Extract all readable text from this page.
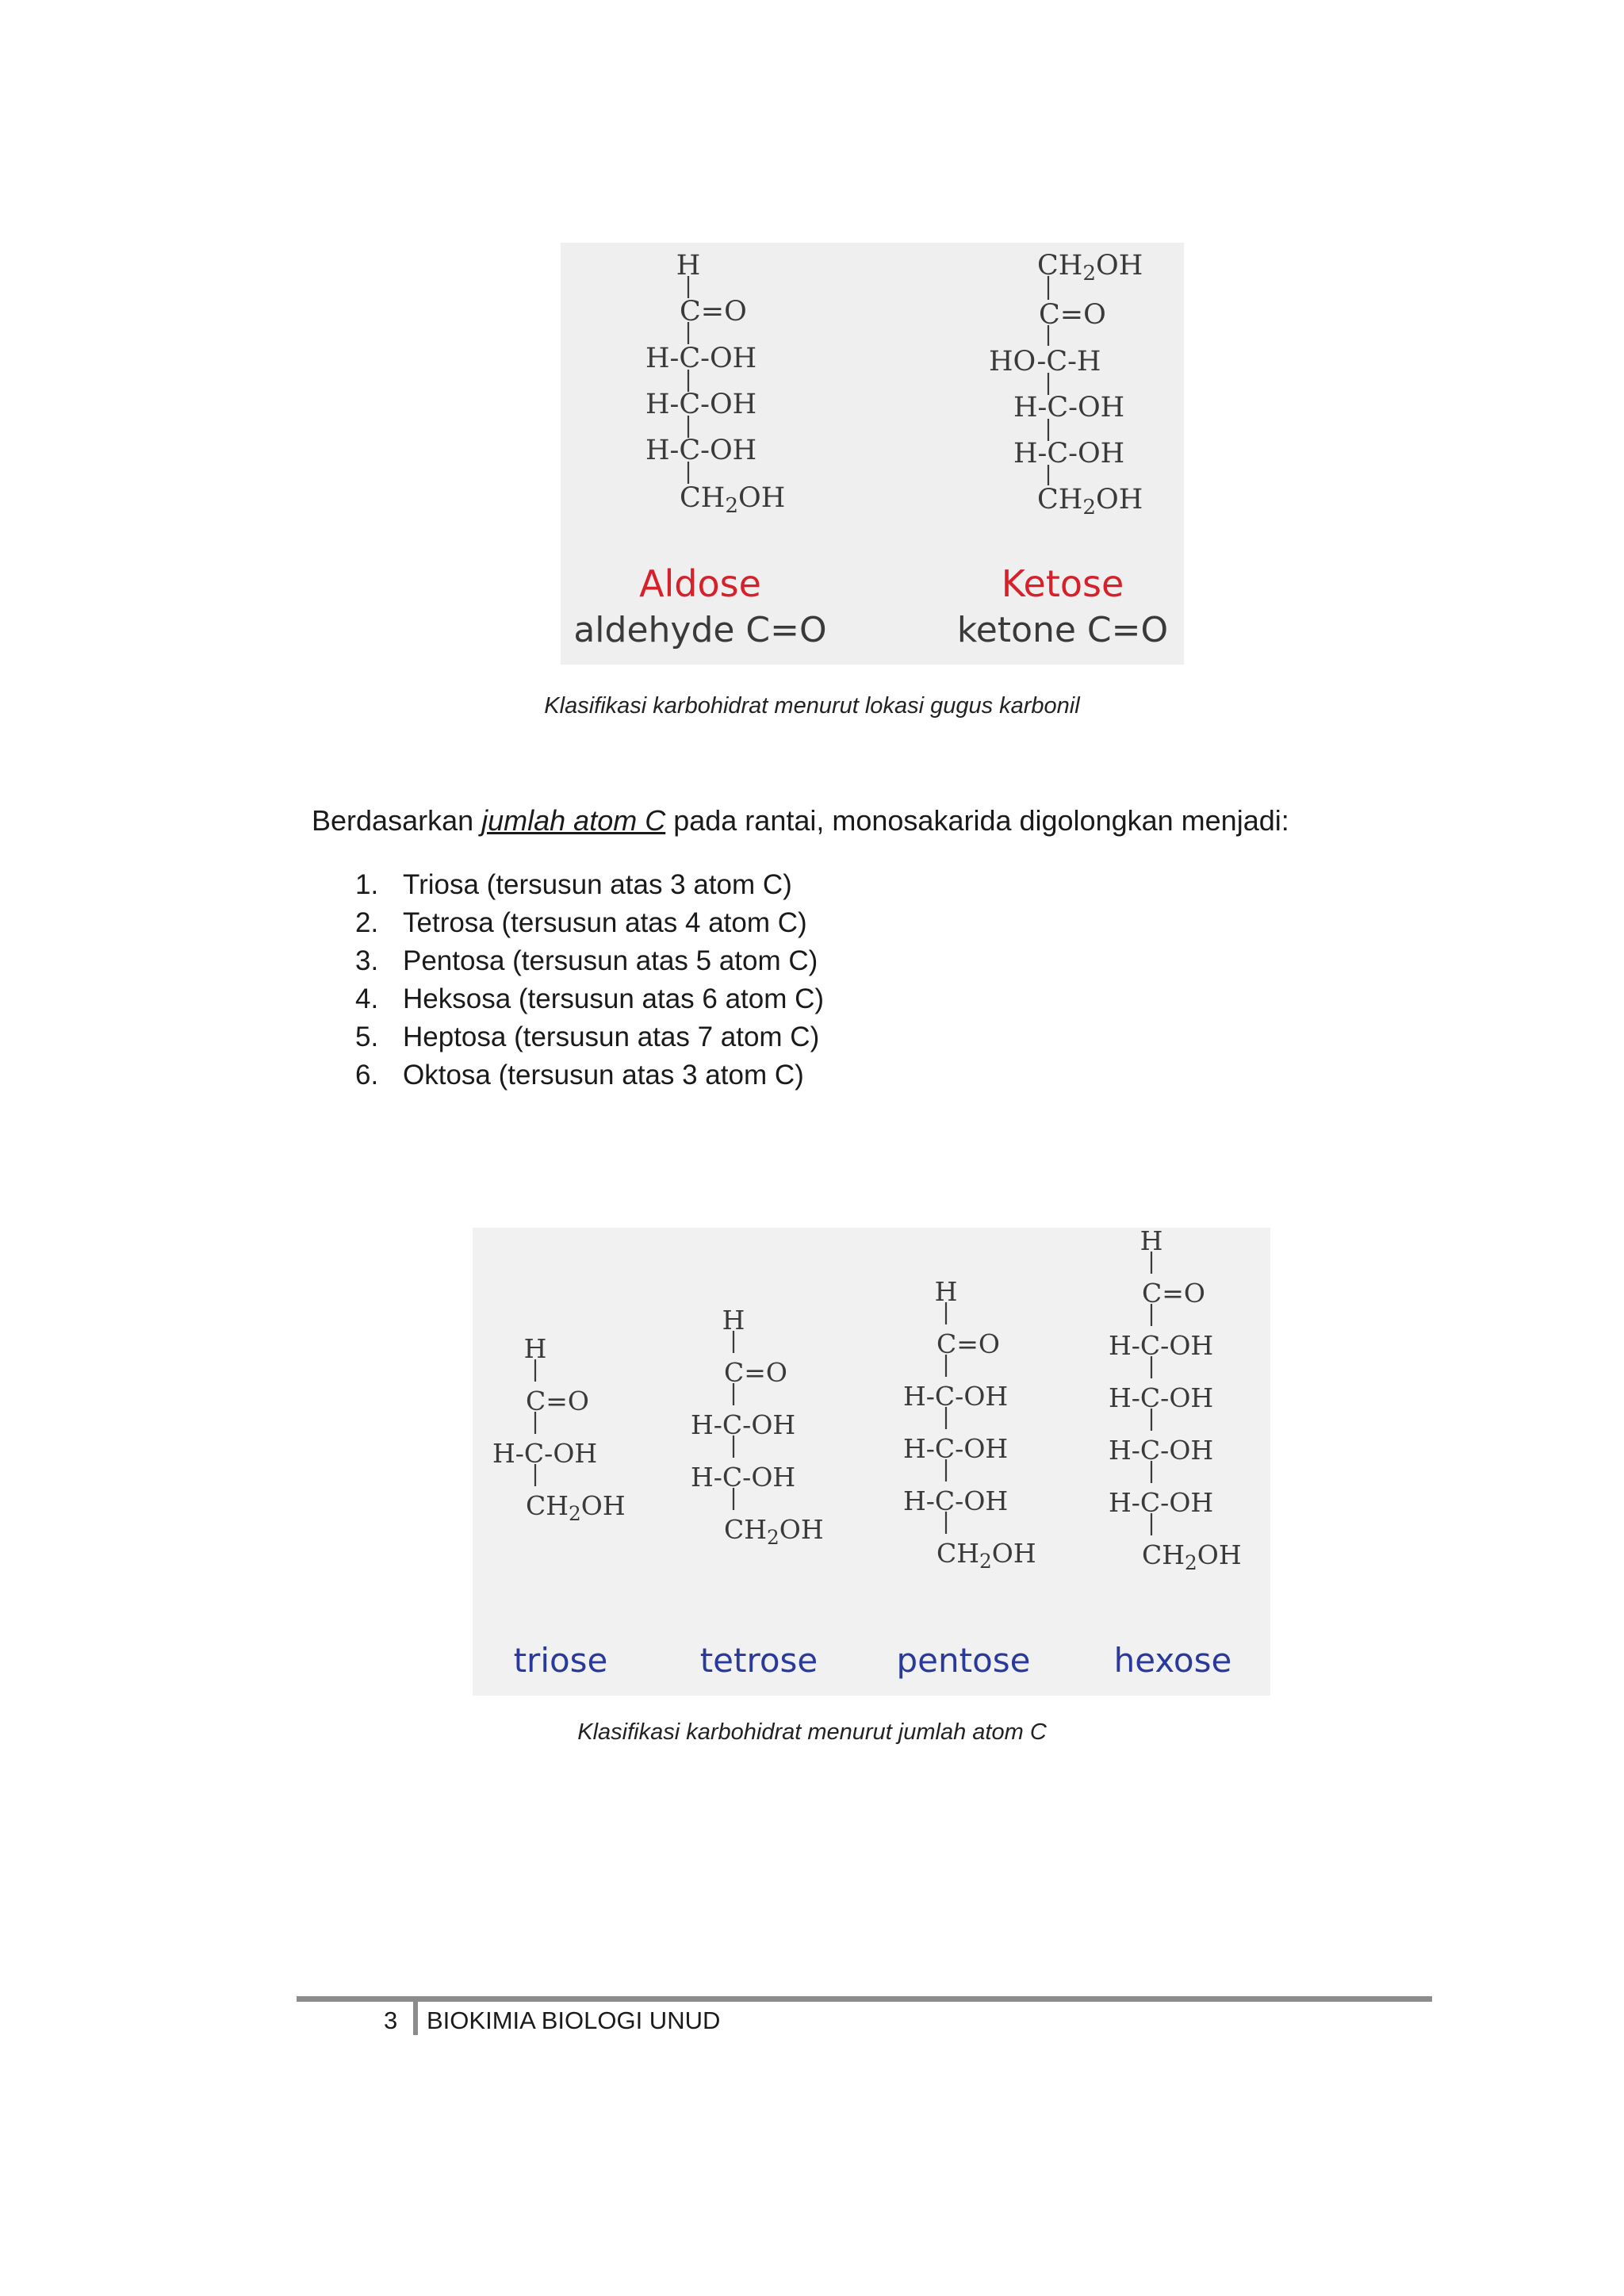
H
C=O
H-C-OH
H-C-OH
H-C-OH
$CH_2OH$
Aldose
aldehyde C=O
$CH_2OH$
C=O
HO-C-H
H-C-OH
H-C-OH
$CH_2OH$
Ketose
ketone C=O
Klasifikasi karbohidrat menurut lokasi gugus karbonil
Berdasarkan jumlah atom C pada rantai, monosakarida digolongkan menjadi:
1. Triosa (tersusun atas 3 atom C)
2. Tetrosa (tersusun atas 4 atom C)
3. Pentosa (tersusun atas 5 atom C)
4. Heksosa (tersusun atas 6 atom C)
5. Heptosa (tersusun atas 7 atom C)
6. Oktosa (tersusun atas 3 atom C)
H
C=O
H-C-OH
$CH_2OH$
triose
H
C=O
H-C-OH
H-C-OH
$CH_2OH$
tetrose
H
C=O
H-C-OH
H-C-OH
H-C-OH
$CH_2OH$
pentose
H
C=O
H-C-OH
H-C-OH
H-C-OH
H-C-OH
$CH_2OH$
hexose
Klasifikasi karbohidrat menurut jumlah atom C
3 BIOKIMIA BIOLOGI UNUD
